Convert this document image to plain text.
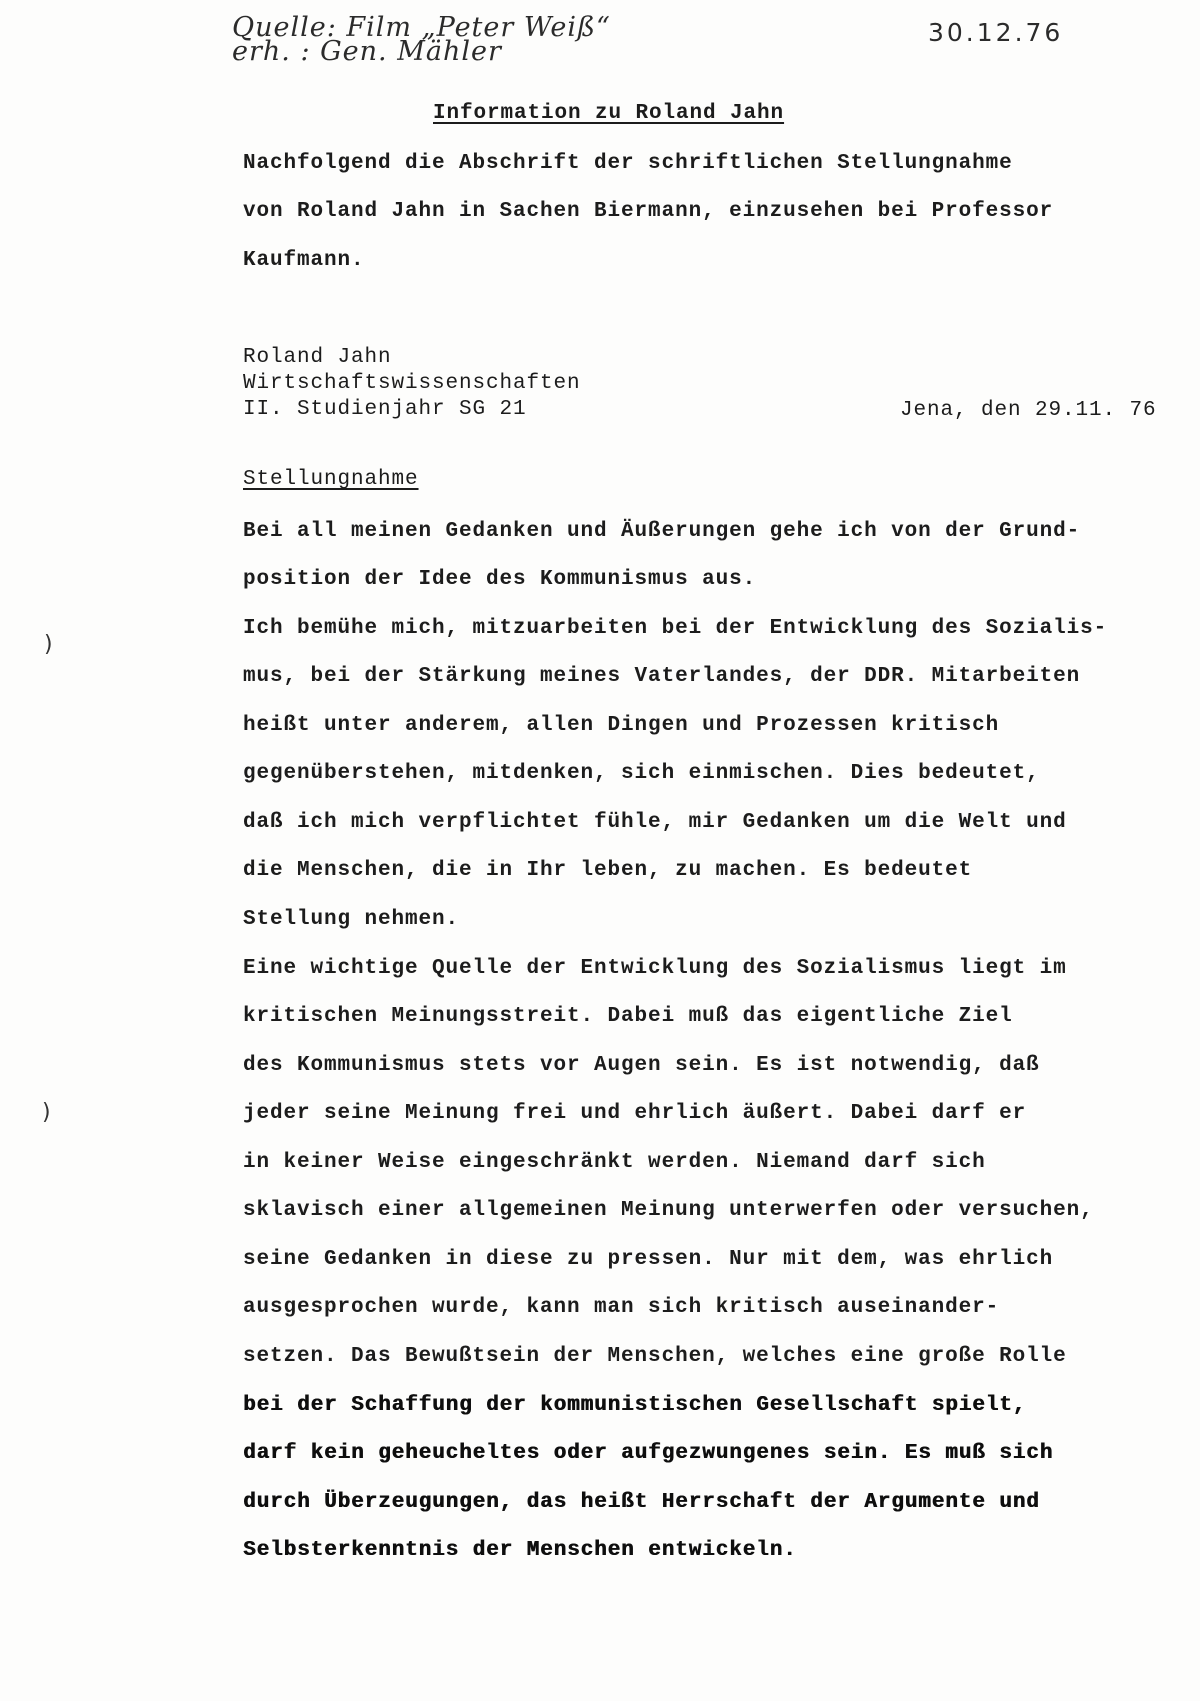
Quelle: Film „Peter Weiß“
erh. : Gen. Mähler
30.12.76
Information zu Roland Jahn
Nachfolgend die Abschrift der schriftlichen Stellungnahme
von Roland Jahn in Sachen Biermann, einzusehen bei Professor
Kaufmann.
Roland Jahn
Wirtschaftswissenschaften
II. Studienjahr SG 21	Jena, den 29.11. 76
Stellungnahme
Bei all meinen Gedanken und Äußerungen gehe ich von der Grund-
position der Idee des Kommunismus aus.
Ich bemühe mich, mitzuarbeiten bei der Entwicklung des Sozialis-
mus, bei der Stärkung meines Vaterlandes, der DDR. Mitarbeiten
heißt unter anderem, allen Dingen und Prozessen kritisch
gegenüberstehen, mitdenken, sich einmischen. Dies bedeutet,
daß ich mich verpflichtet fühle, mir Gedanken um die Welt und
die Menschen, die in Ihr leben, zu machen. Es bedeutet
Stellung nehmen.
Eine wichtige Quelle der Entwicklung des Sozialismus liegt im
kritischen Meinungsstreit. Dabei muß das eigentliche Ziel
des Kommunismus stets vor Augen sein. Es ist notwendig, daß
jeder seine Meinung frei und ehrlich äußert. Dabei darf er
in keiner Weise eingeschränkt werden. Niemand darf sich
sklavisch einer allgemeinen Meinung unterwerfen oder versuchen,
seine Gedanken in diese zu pressen. Nur mit dem, was ehrlich
ausgesprochen wurde, kann man sich kritisch auseinander-
setzen. Das Bewußtsein der Menschen, welches eine große Rolle
bei der Schaffung der kommunistischen Gesellschaft spielt,
darf kein geheucheltes oder aufgezwungenes sein. Es muß sich
durch Überzeugungen, das heißt Herrschaft der Argumente und
Selbsterkenntnis der Menschen entwickeln.
)
)
